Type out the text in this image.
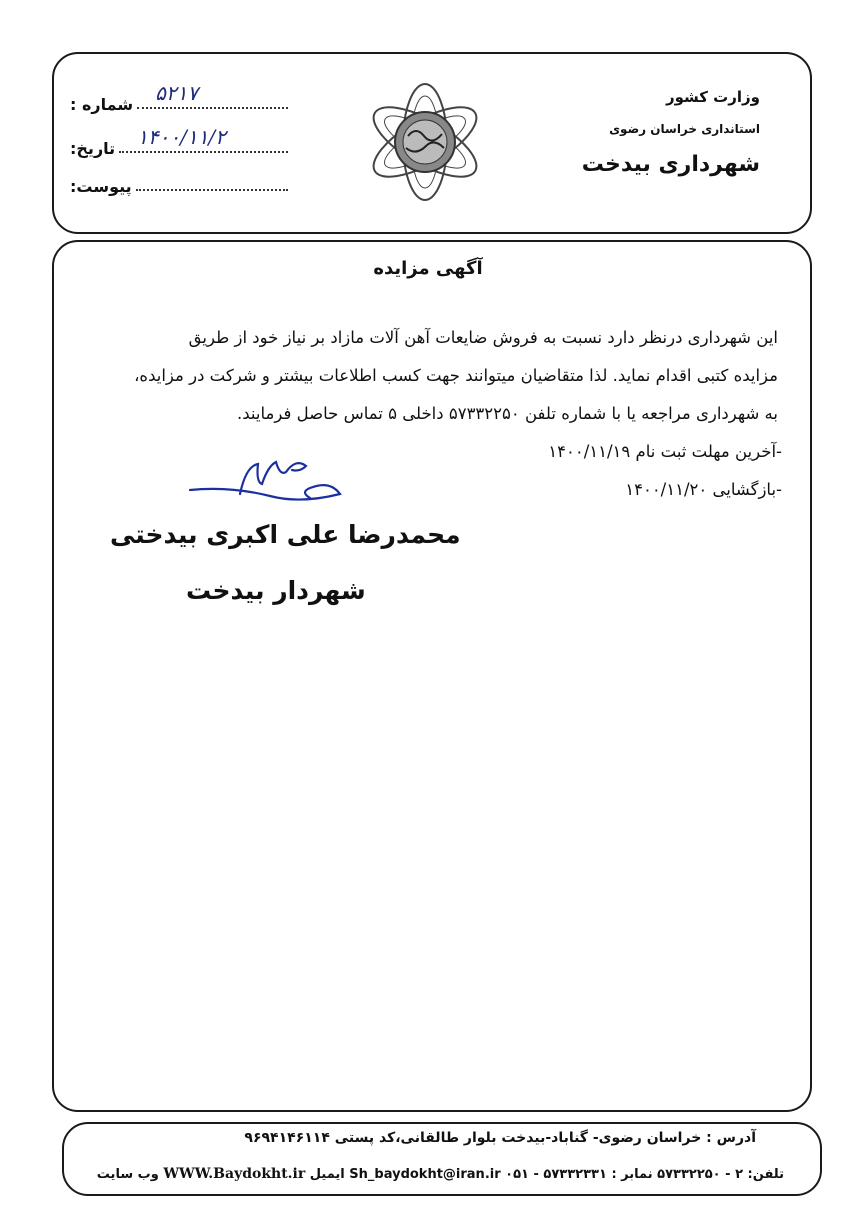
وزارت کشور
استانداری خراسان رضوی
شهرداری بیدخت
شماره : ۵۲۱۷
تاریخ: ۱۴۰۰/۱۱/۲
پیوست:
آگهی مزایده
این شهرداری درنظر دارد نسبت به فروش ضایعات آهن آلات مازاد بر نیاز خود از طریق
مزایده کتبی اقدام نماید. لذا متقاضیان میتوانند جهت کسب اطلاعات بیشتر و شرکت در مزایده،
به شهرداری مراجعه یا با شماره تلفن ۵۷۳۳۲۲۵۰ داخلی ۵ تماس حاصل فرمایند.
-آخرین مهلت ثبت نام ۱۴۰۰/۱۱/۱۹
-بازگشایی ۱۴۰۰/۱۱/۲۰
محمدرضا علی اکبری بیدختی
شهردار بیدخت
آدرس : خراسان رضوی- گناباد-بیدخت بلوار طالقانی،کد پستی ۹۶۹۴۱۴۶۱۱۴
تلفن: ۲ - ۵۷۳۳۲۲۵۰ نمابر : ۵۷۳۳۲۳۳۱ - ۰۵۱ Sh_baydokht@iran.ir ایمیل WWW.Baydokht.ir وب سایت
